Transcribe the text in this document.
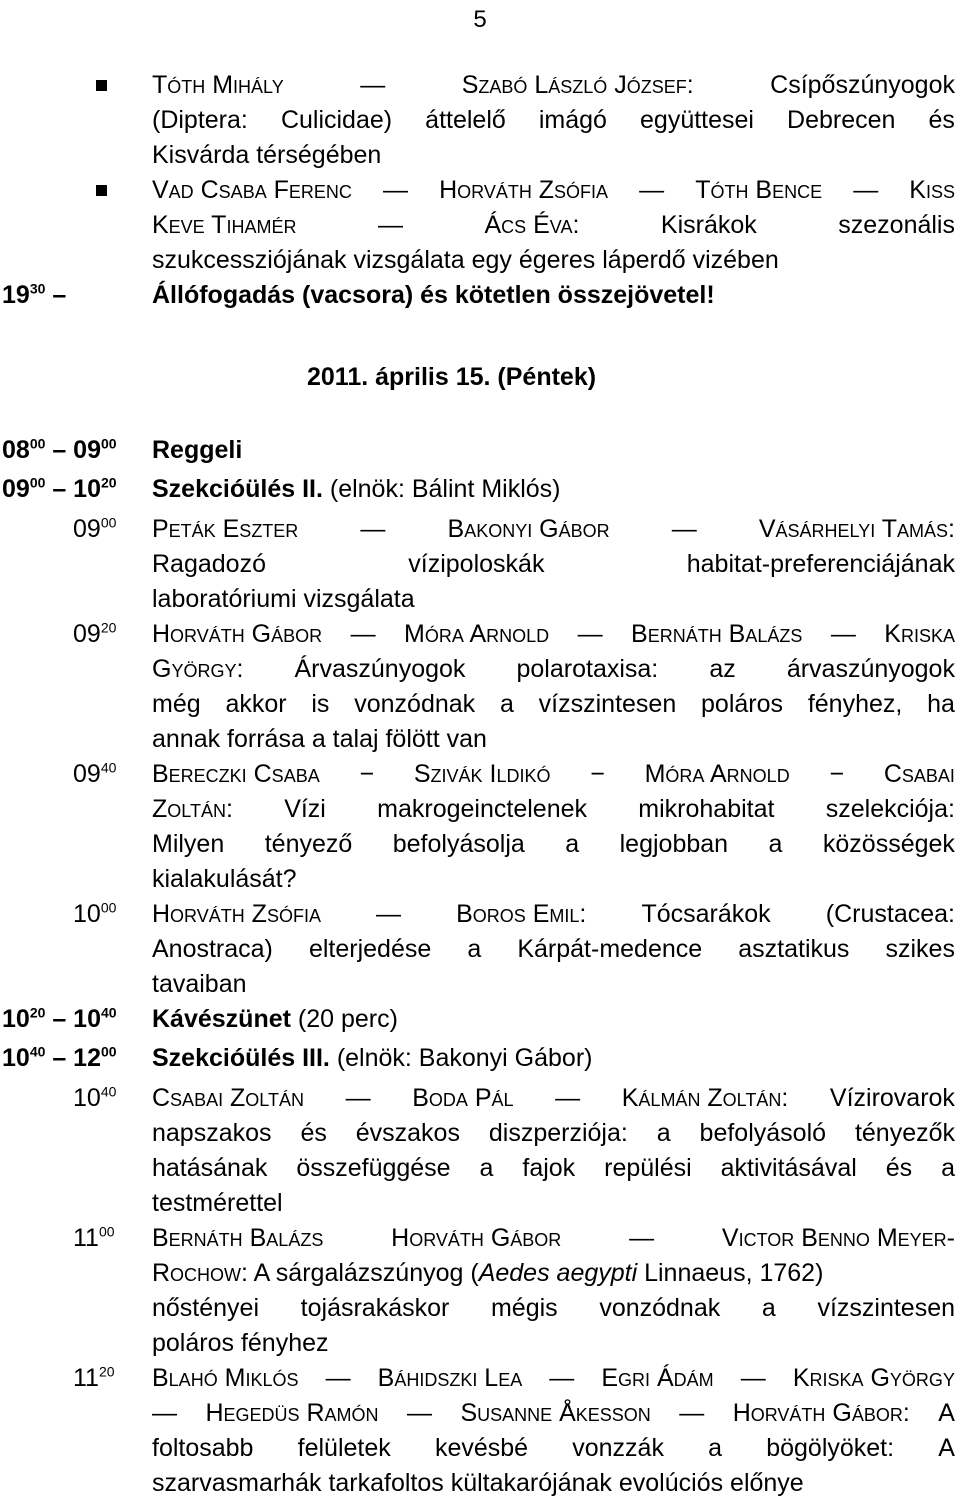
5
Tóth Mihály	—	Szabó László József:	Csípőszúnyogok
(Diptera: Culicidae) áttelelő imágó együttesei Debrecen és
Kisvárda térségében
Vad Csaba Ferenc — Horváth Zsófia — Tóth Bence — Kiss
Keve Tihamér	—	Ács Éva:	Kisrákok	szezonális
szukcessziójának vizsgálata egy égeres láperdő vizében
$19^{30}$ –	Állófogadás (vacsora) és kötetlen összejövetel!
2011. április 15. (Péntek)
$08^{00} - 09^{00}$ Reggeli
$09^{00} - 10^{20}$ Szekcióülés II. (elnök: Bálint Miklós)
$09^{00}$ Peták Eszter — Bakonyi Gábor — Vásárhelyi Tamás:
Ragadozó	vízipoloskák	habitat-preferenciájának
laboratóriumi vizsgálata
$09^{20}$ Horváth Gábor — Móra Arnold — Bernáth Balázs — Kriska
György: Árvaszúnyogok polarotaxisa: az árvaszúnyogok
még akkor is vonzódnak a vízszintesen poláros fényhez, ha
annak forrása a talaj fölött van
$09^{40}$ Bereczki Csaba − Szivák Ildikó − Móra Arnold − Csabai
Zoltán: Vízi makrogeinctelenek mikrohabitat szelekciója:
Milyen tényező befolyásolja a legjobban a közösségek
kialakulását?
$10^{00}$ Horváth Zsófia — Boros Emil: Tócsarákok (Crustacea:
Anostraca) elterjedése a Kárpát-medence asztatikus szikes
tavaiban
$10^{20} - 10^{40}$ Kávészünet (20 perc)
$10^{40} - 12^{00}$ Szekcióülés III. (elnök: Bakonyi Gábor)
$10^{40}$ Csabai Zoltán — Boda Pál — Kálmán Zoltán: Vízirovarok
napszakos és évszakos diszperziója: a befolyásoló tényezők
hatásának összefüggése a fajok repülési aktivitásával és a
testmérettel
$11^{00}$ Bernáth Balázs	Horváth Gábor	—	Victor Benno Meyer-
Rochow: A sárgalázszúnyog (Aedes aegypti Linnaeus, 1762)
nőstényei tojásrakáskor mégis vonzódnak a vízszintesen
poláros fényhez
$11^{20}$ Blahó Miklós — Báhidszki Lea — Egri Ádám — Kriska György
— Hegedüs Ramón — Susanne Åkesson — Horváth Gábor: A
foltosabb felületek kevésbé vonzzák a bögölyöket: A
szarvasmarhák tarkafoltos kültakarójának evolúciós előnye
